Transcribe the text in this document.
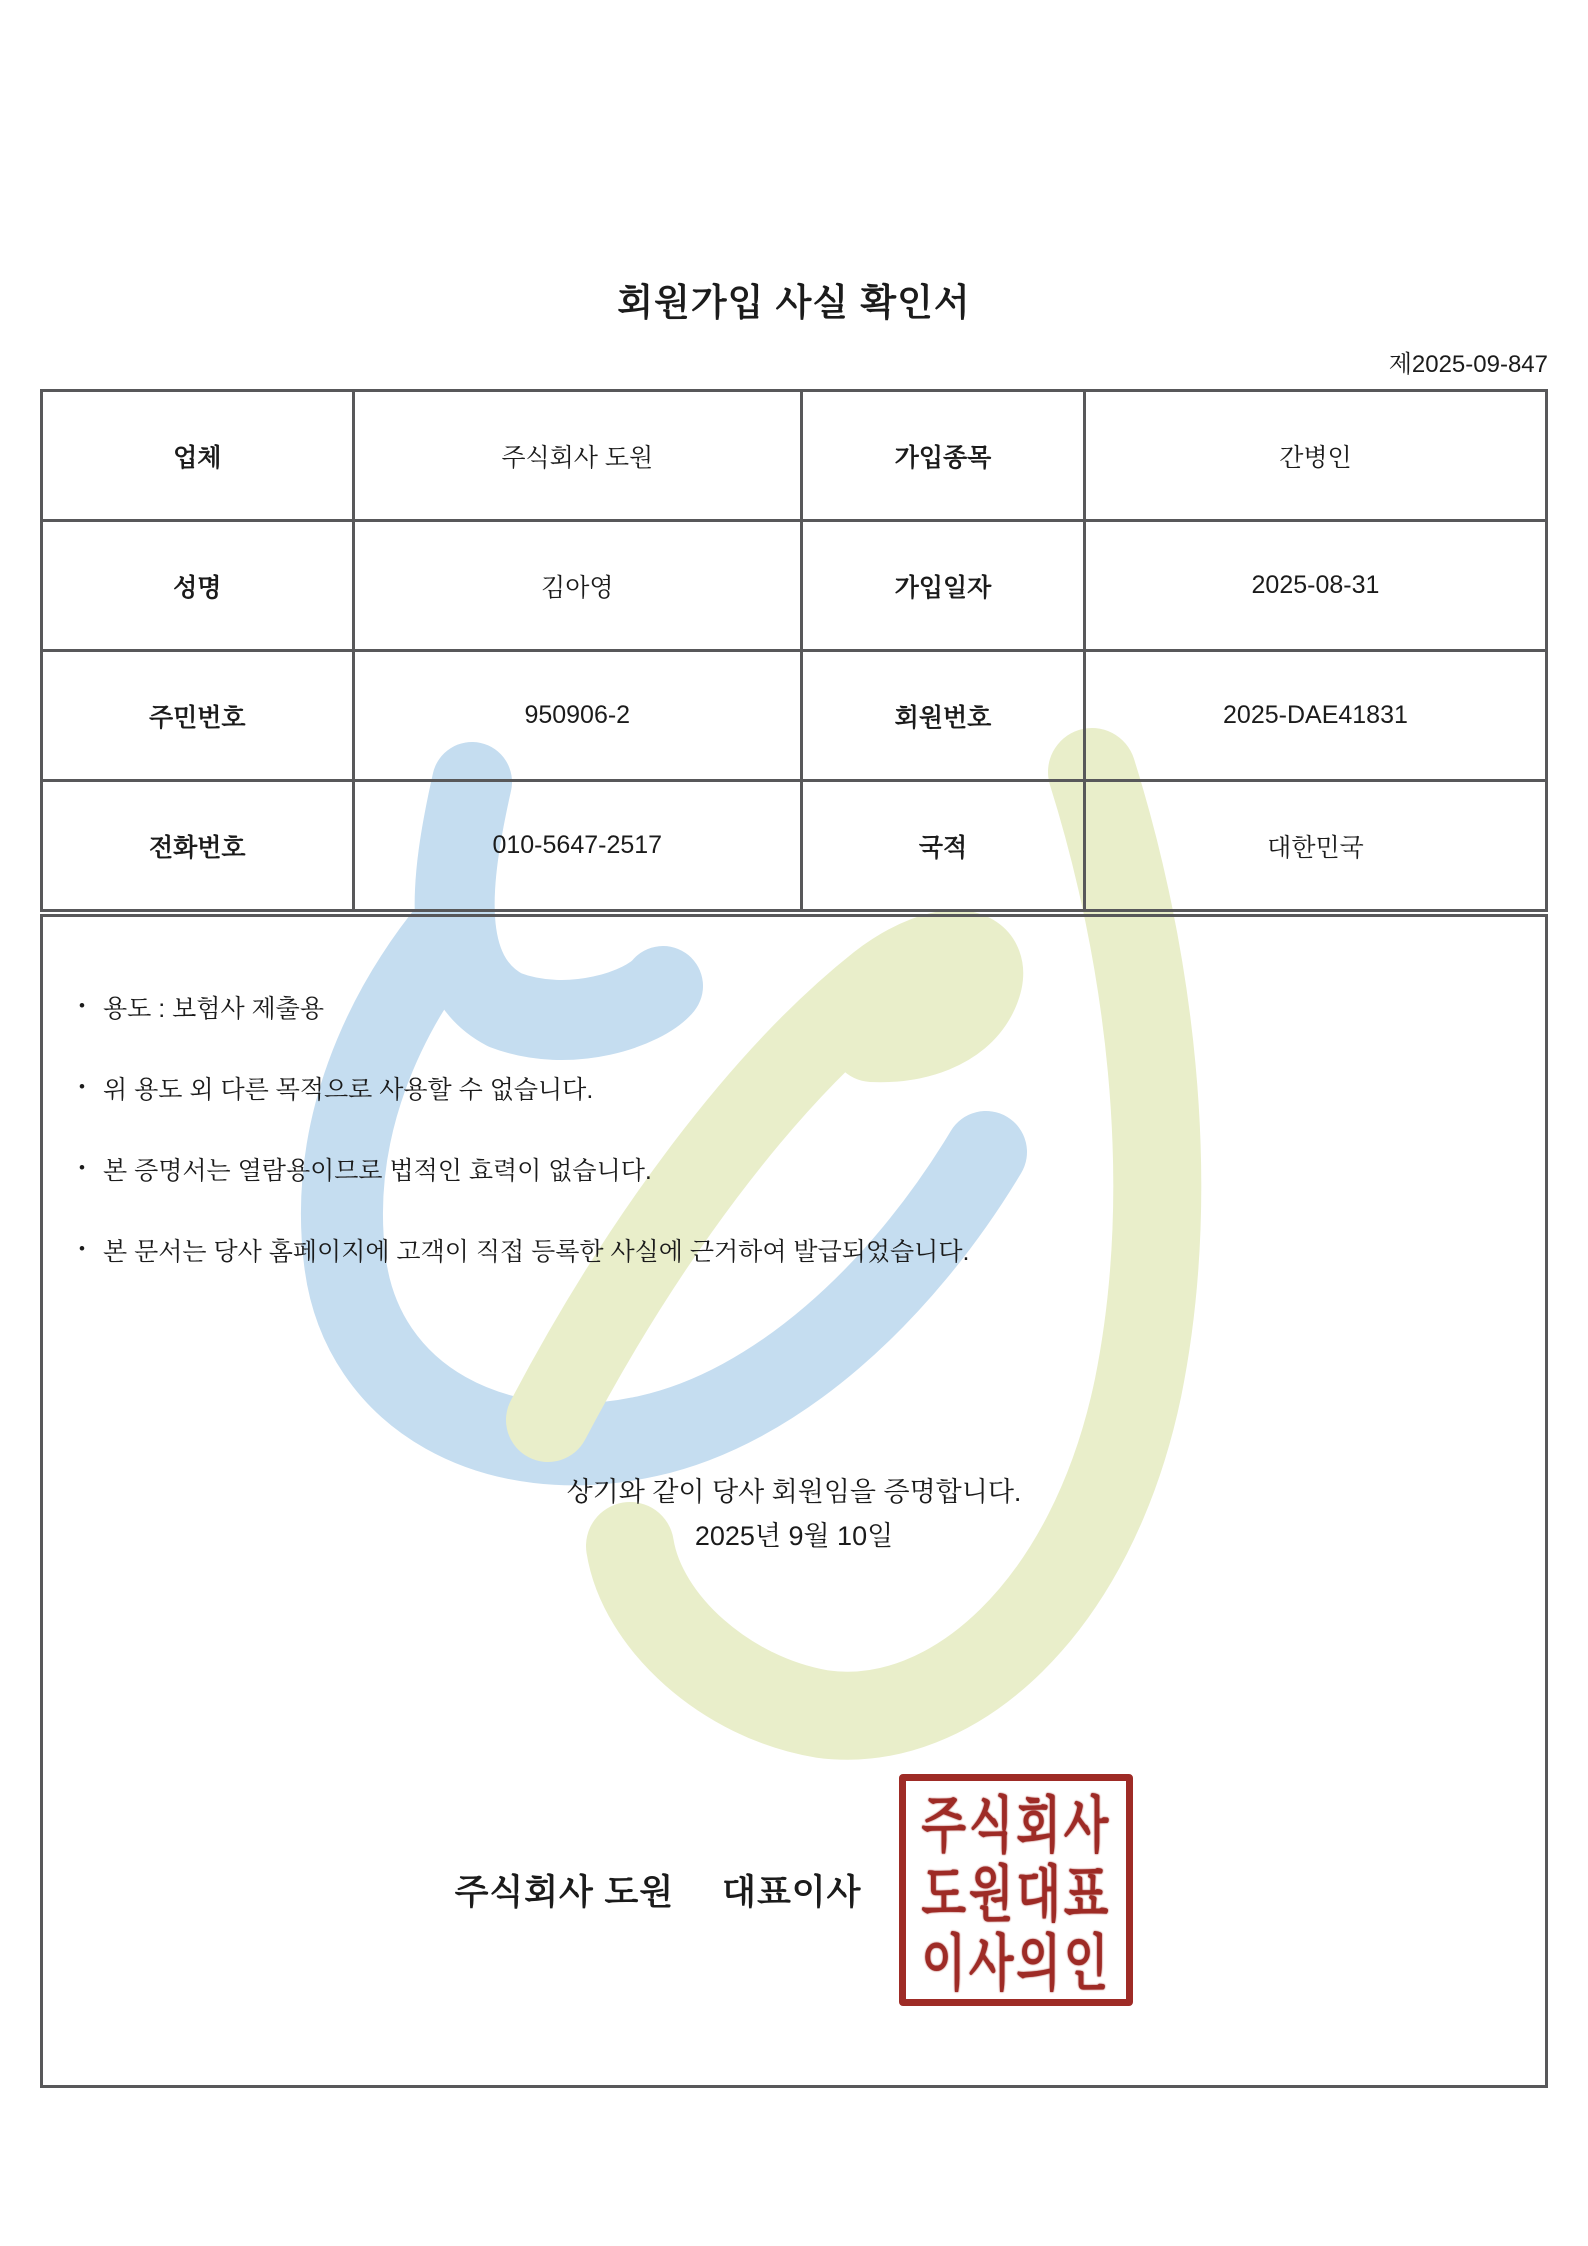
회원가입 사실 확인서
제2025-09-847
업체	주식회사 도원	가입종목	간병인
성명	김아영	가입일자	2025-08-31
주민번호	950906-2	회원번호	2025-DAE41831
전화번호	010-5647-2517	국적	대한민국
• 용도 : 보험사 제출용
• 위 용도 외 다른 목적으로 사용할 수 없습니다.
• 본 증명서는 열람용이므로 법적인 효력이 없습니다.
• 본 문서는 당사 홈페이지에 고객이 직접 등록한 사실에 근거하여 발급되었습니다.
상기와 같이 당사 회원임을 증명합니다.
2025년 9월 10일
주식회사 도원 대표이사
주식회사
도원대표
이사의인
